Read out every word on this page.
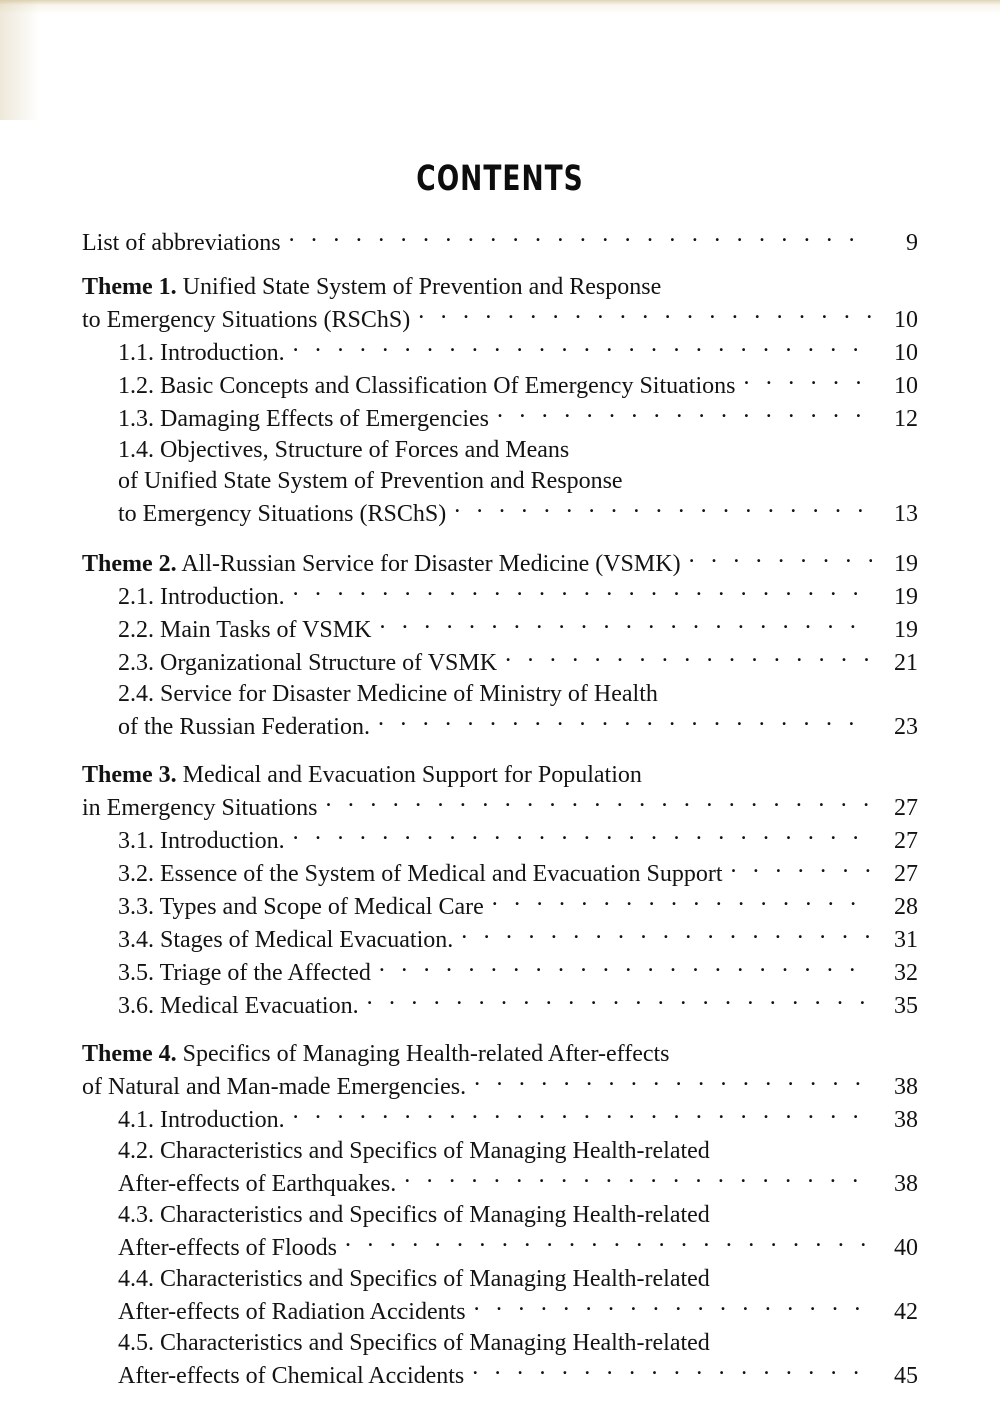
CONTENTS
List of abbreviations . . .	9
Theme 1. Unified State System of Prevention and Response
to Emergency Situations (RSChS) . . .	10
1.1. Introduction. . . .	10
1.2. Basic Concepts and Classification Of Emergency Situations . . .	10
1.3. Damaging Effects of Emergencies . . .	12
1.4. Objectives, Structure of Forces and Means
of Unified State System of Prevention and Response
to Emergency Situations (RSChS) . . .	13
Theme 2. All-Russian Service for Disaster Medicine (VSMK) . . .	19
2.1. Introduction. . . .	19
2.2. Main Tasks of VSMK . . .	19
2.3. Organizational Structure of VSMK . . .	21
2.4. Service for Disaster Medicine of Ministry of Health
of the Russian Federation. . . .	23
Theme 3. Medical and Evacuation Support for Population
in Emergency Situations . . .	27
3.1. Introduction. . . .	27
3.2. Essence of the System of Medical and Evacuation Support . . .	27
3.3. Types and Scope of Medical Care . . .	28
3.4. Stages of Medical Evacuation. . . .	31
3.5. Triage of the Affected . . .	32
3.6. Medical Evacuation. . . .	35
Theme 4. Specifics of Managing Health-related After-effects
of Natural and Man-made Emergencies. . . .	38
4.1. Introduction. . . .	38
4.2. Characteristics and Specifics of Managing Health-related
After-effects of Earthquakes. . . .	38
4.3. Characteristics and Specifics of Managing Health-related
After-effects of Floods . . .	40
4.4. Characteristics and Specifics of Managing Health-related
After-effects of Radiation Accidents . . .	42
4.5. Characteristics and Specifics of Managing Health-related
After-effects of Chemical Accidents . . .	45
